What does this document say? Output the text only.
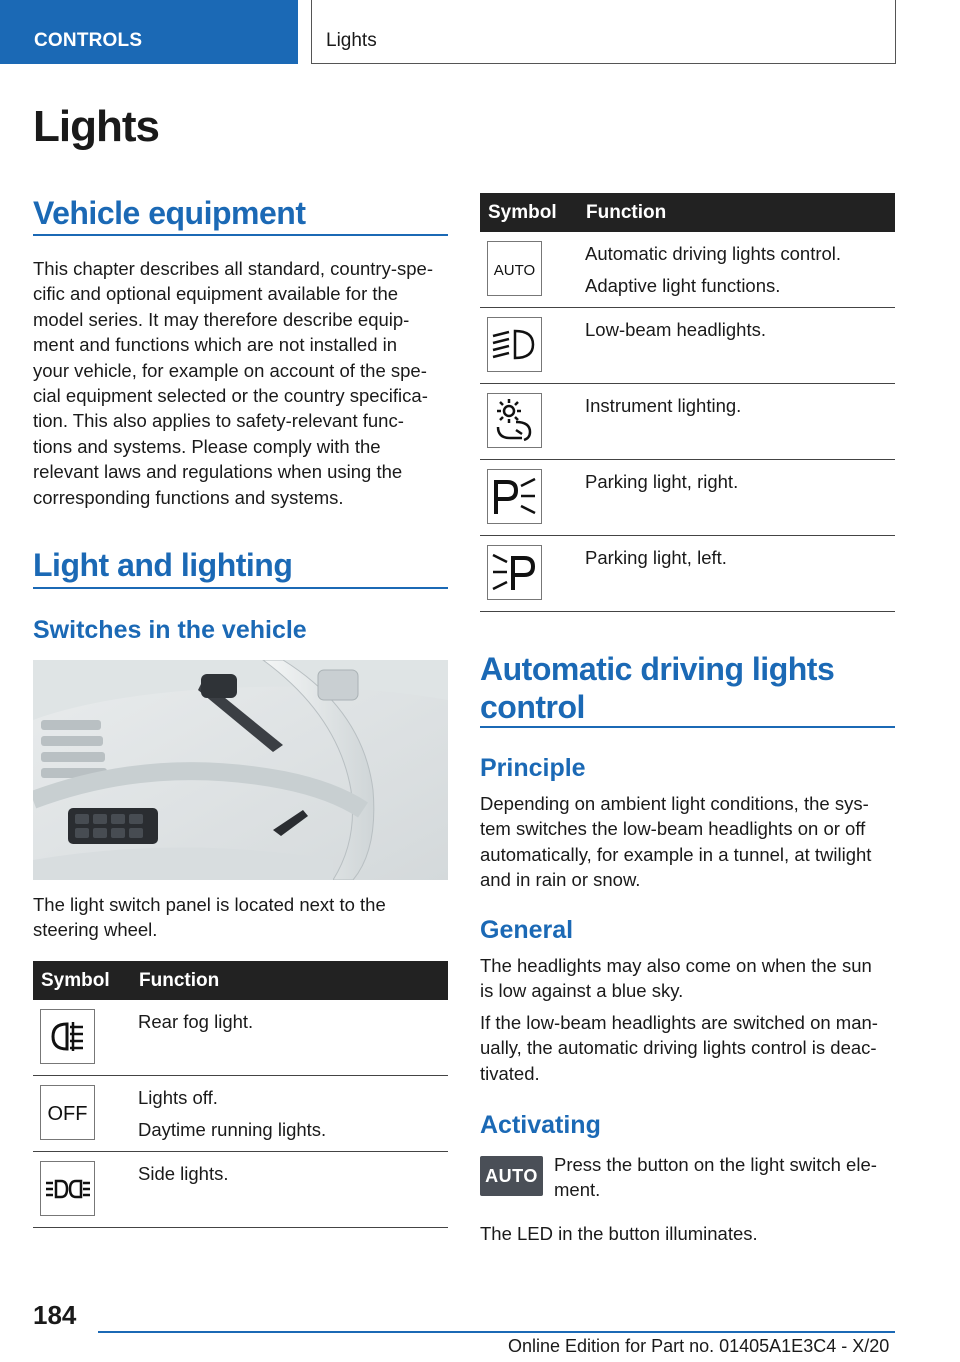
CONTROLS	Lights
Lights
Vehicle equipment
This chapter describes all standard, country-spe‐
cific and optional equipment available for the
model series. It may therefore describe equip‐
ment and functions which are not installed in
your vehicle, for example on account of the spe‐
cial equipment selected or the country specifica‐
tion. This also applies to safety-relevant func‐
tions and systems. Please comply with the
relevant laws and regulations when using the
corresponding functions and systems.
Light and lighting
Switches in the vehicle
The light switch panel is located next to the
steering wheel.
Symbol Function
Rear fog light.
OFF
Lights off.
Daytime running lights.
Side lights.
Symbol Function
AUTO
Automatic driving lights control.
Adaptive light functions.
Low-beam headlights.
Instrument lighting.
Parking light, right.
Parking light, left.
Automatic driving lights
control
Principle
Depending on ambient light conditions, the sys‐
tem switches the low-beam headlights on or off
automatically, for example in a tunnel, at twilight
and in rain or snow.
General
The headlights may also come on when the sun
is low against a blue sky.
If the low-beam headlights are switched on man‐
ually, the automatic driving lights control is deac‐
tivated.
Activating
AUTO
Press the button on the light switch ele‐
ment.
The LED in the button illuminates.
184
Online Edition for Part no. 01405A1E3C4 - X/20
